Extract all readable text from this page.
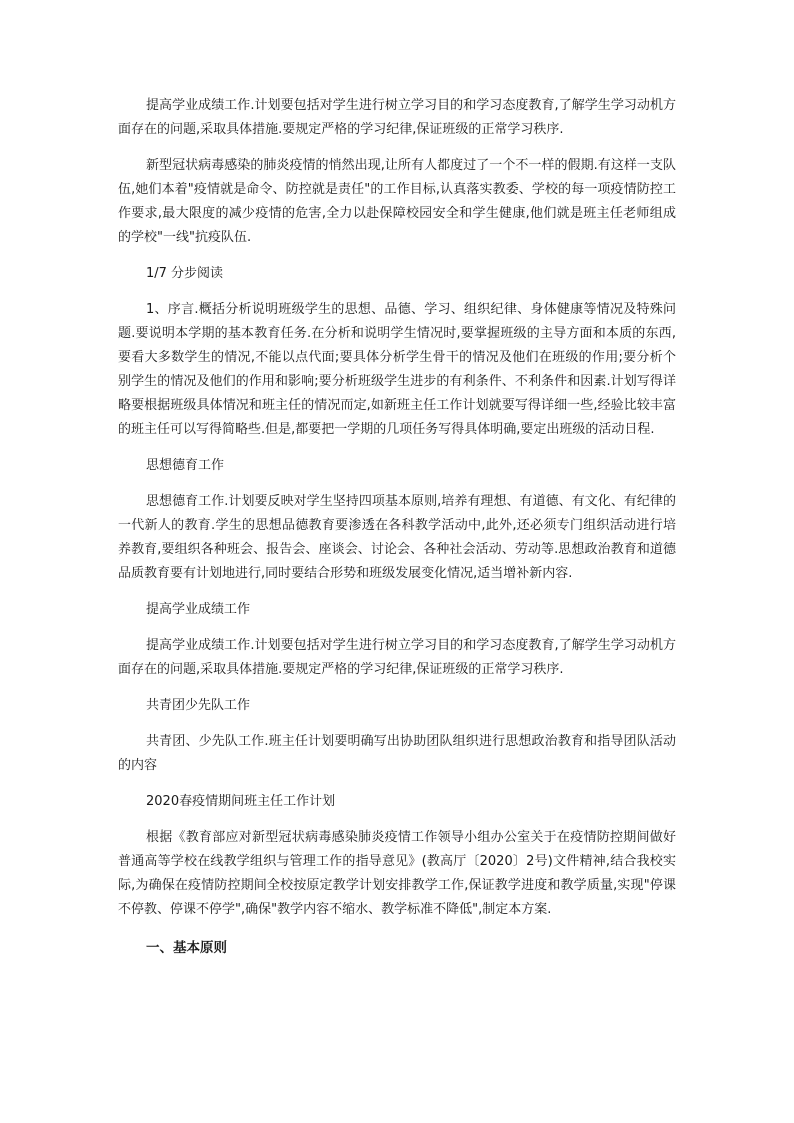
提高学业成绩工作.计划要包括对学生进行树立学习目的和学习态度教育,了解学生学习动机方面存在的问题,采取具体措施.要规定严格的学习纪律,保证班级的正常学习秩序.

新型冠状病毒感染的肺炎疫情的悄然出现,让所有人都度过了一个不一样的假期.有这样一支队伍,她们本着"疫情就是命令、防控就是责任"的工作目标,认真落实教委、学校的每一项疫情防控工作要求,最大限度的减少疫情的危害,全力以赴保障校园安全和学生健康,他们就是班主任老师组成的学校"一线"抗疫队伍.

1/7 分步阅读

1、序言.概括分析说明班级学生的思想、品德、学习、组织纪律、身体健康等情况及特殊问题.要说明本学期的基本教育任务.在分析和说明学生情况时,要掌握班级的主导方面和本质的东西,要看大多数学生的情况,不能以点代面;要具体分析学生骨干的情况及他们在班级的作用;要分析个别学生的情况及他们的作用和影响;要分析班级学生进步的有利条件、不利条件和因素.计划写得详略要根据班级具体情况和班主任的情况而定,如新班主任工作计划就要写得详细一些,经验比较丰富的班主任可以写得简略些.但是,都要把一学期的几项任务写得具体明确,要定出班级的活动日程.

思想德育工作

思想德育工作.计划要反映对学生坚持四项基本原则,培养有理想、有道德、有文化、有纪律的一代新人的教育.学生的思想品德教育要渗透在各科教学活动中,此外,还必须专门组织活动进行培养教育,要组织各种班会、报告会、座谈会、讨论会、各种社会活动、劳动等.思想政治教育和道德品质教育要有计划地进行,同时要结合形势和班级发展变化情况,适当增补新内容.

提高学业成绩工作

提高学业成绩工作.计划要包括对学生进行树立学习目的和学习态度教育,了解学生学习动机方面存在的问题,采取具体措施.要规定严格的学习纪律,保证班级的正常学习秩序.

共青团少先队工作

共青团、少先队工作.班主任计划要明确写出协助团队组织进行思想政治教育和指导团队活动的内容

2020春疫情期间班主任工作计划

根据《教育部应对新型冠状病毒感染肺炎疫情工作领导小组办公室关于在疫情防控期间做好普通高等学校在线教学组织与管理工作的指导意见》(教高厅〔2020〕2号)文件精神,结合我校实际,为确保在疫情防控期间全校按原定教学计划安排教学工作,保证教学进度和教学质量,实现"停课不停教、停课不停学",确保"教学内容不缩水、教学标准不降低",制定本方案.

一、基本原则
